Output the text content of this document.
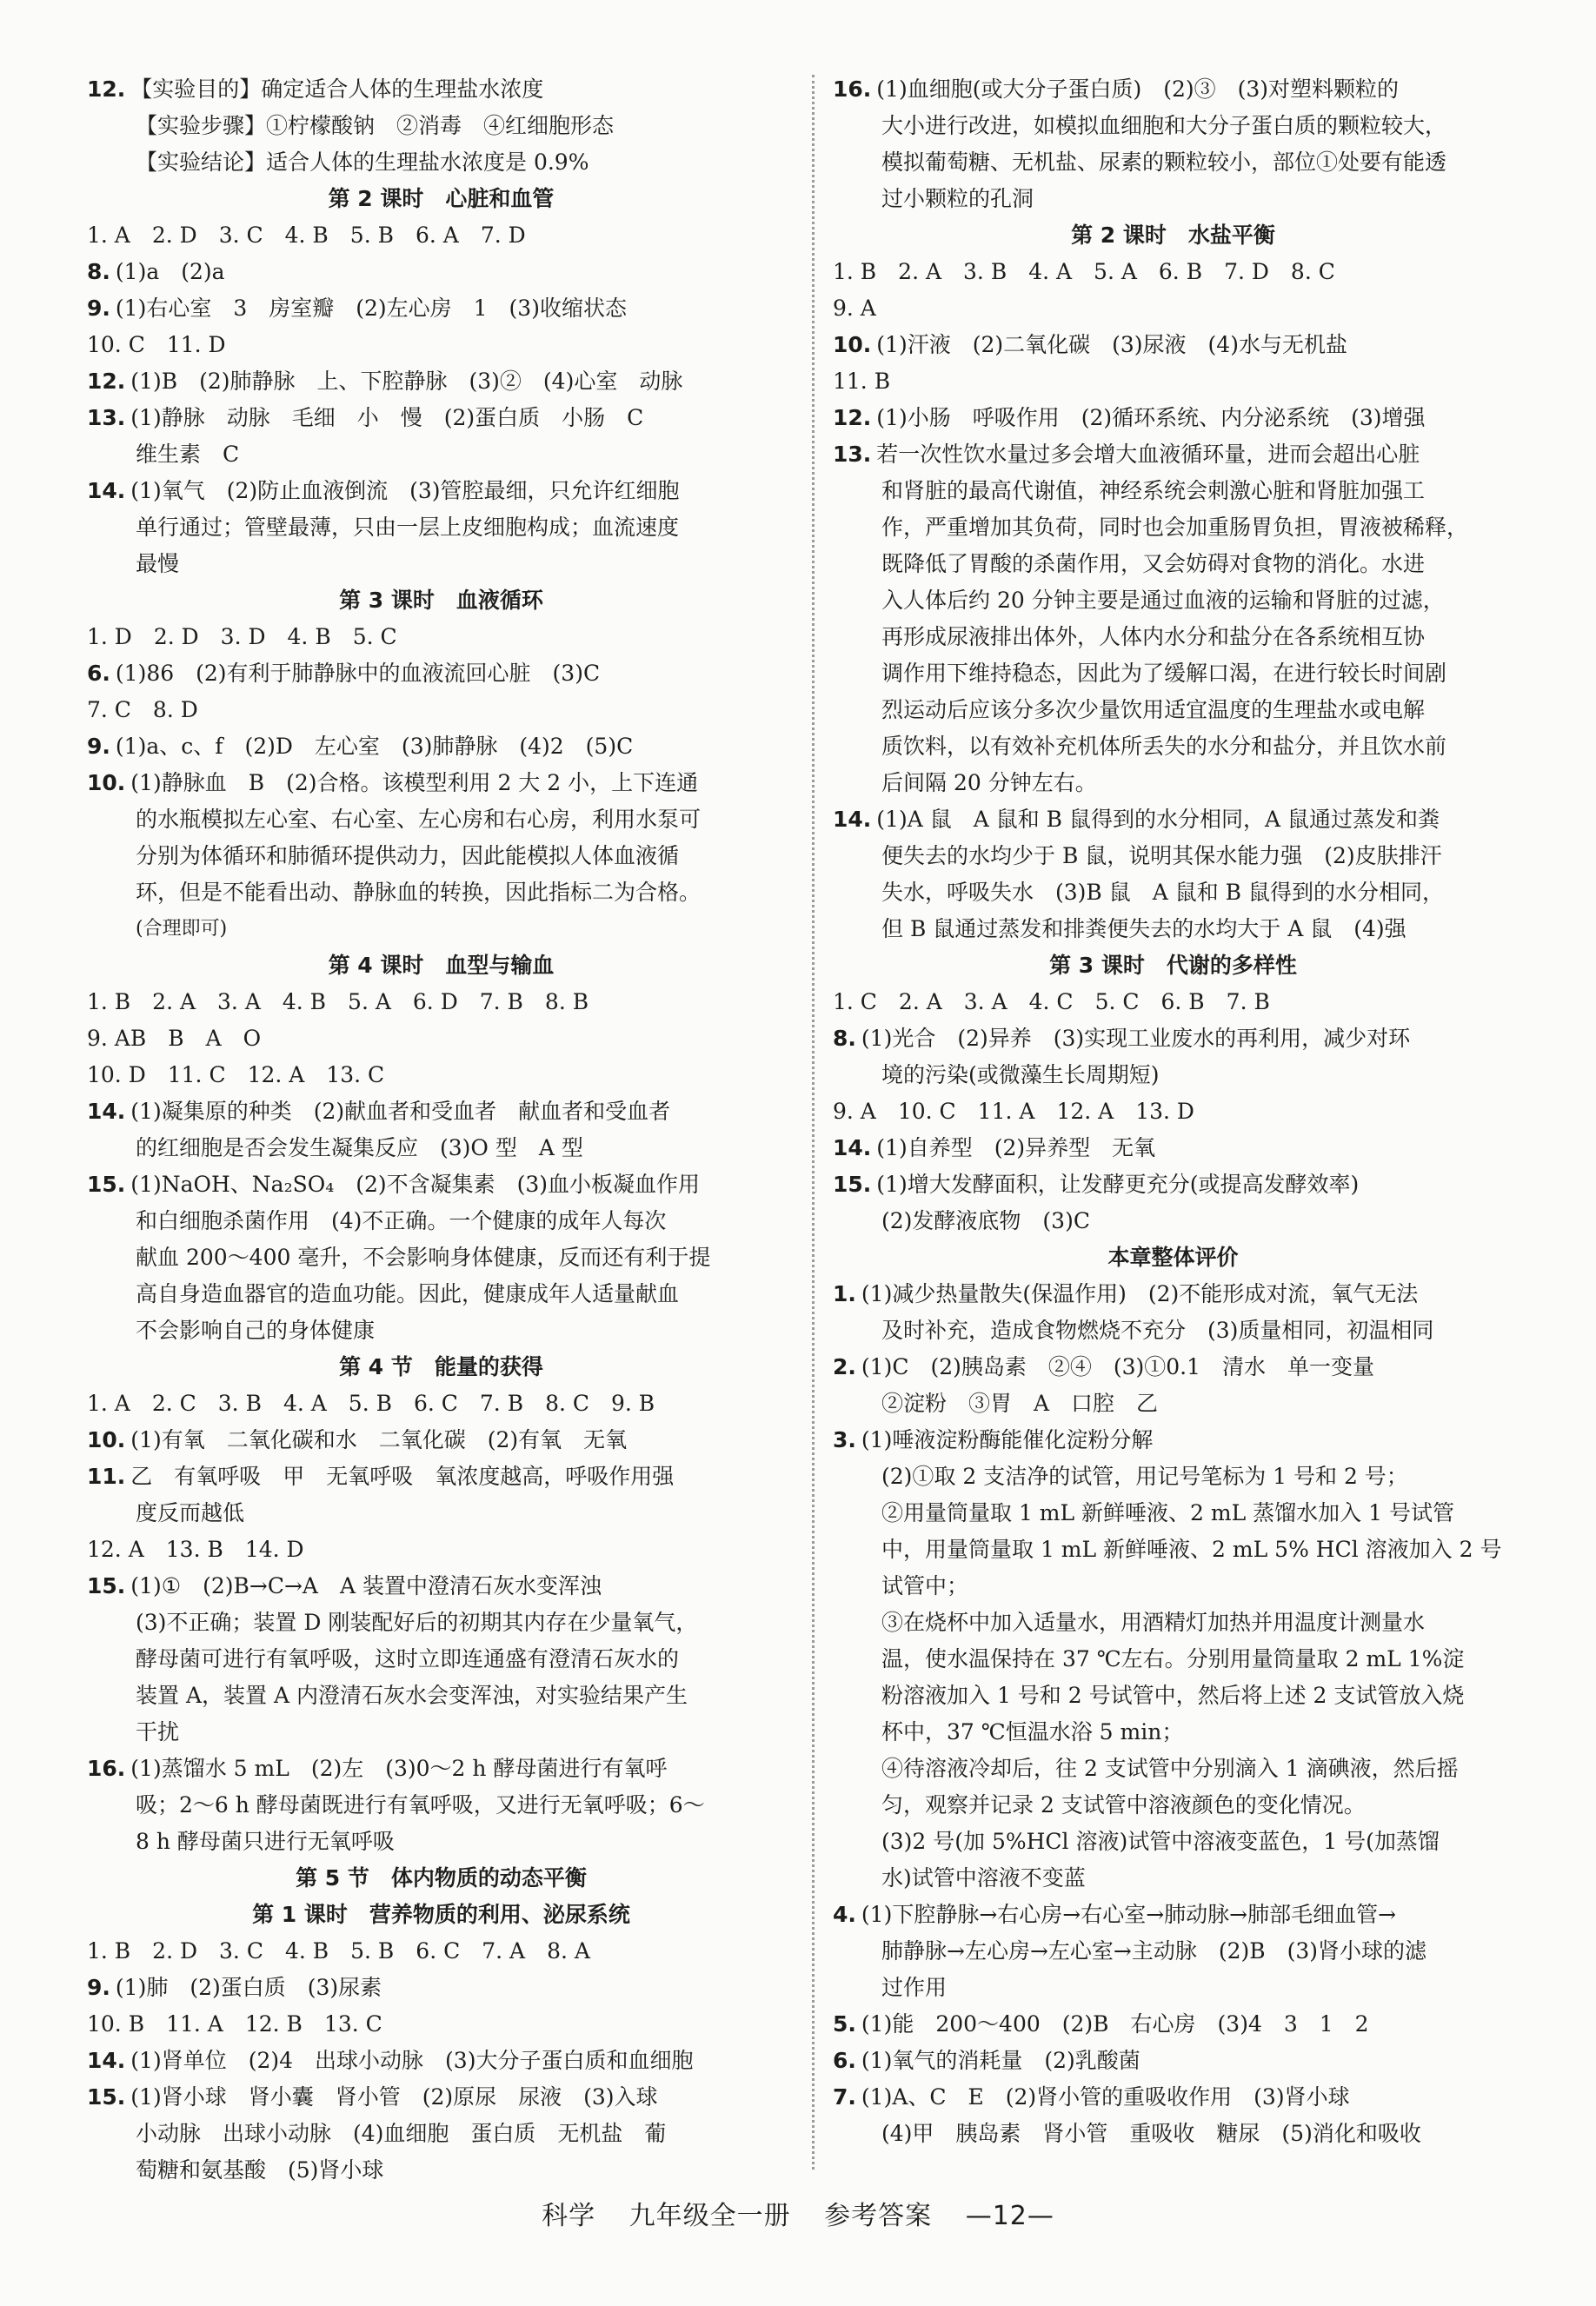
12. 【实验目的】确定适合人体的生理盐水浓度
【实验步骤】①柠檬酸钠　②消毒　④红细胞形态
【实验结论】适合人体的生理盐水浓度是 0.9%
第 2 课时　心脏和血管
1. A　2. D　3. C　4. B　5. B　6. A　7. D
8. (1)a　(2)a
9. (1)右心室　3　房室瓣　(2)左心房　1　(3)收缩状态
10. C　11. D
12. (1)B　(2)肺静脉　上、下腔静脉　(3)②　(4)心室　动脉
13. (1)静脉　动脉　毛细　小　慢　(2)蛋白质　小肠　C
维生素　C
14. (1)氧气　(2)防止血液倒流　(3)管腔最细，只允许红细胞
单行通过；管壁最薄，只由一层上皮细胞构成；血流速度
最慢
第 3 课时　血液循环
1. D　2. D　3. D　4. B　5. C
6. (1)86　(2)有利于肺静脉中的血液流回心脏　(3)C
7. C　8. D
9. (1)a、c、f　(2)D　左心室　(3)肺静脉　(4)2　(5)C
10. (1)静脉血　B　(2)合格。该模型利用 2 大 2 小，上下连通
的水瓶模拟左心室、右心室、左心房和右心房，利用水泵可
分别为体循环和肺循环提供动力，因此能模拟人体血液循
环，但是不能看出动、静脉血的转换，因此指标二为合格。
(合理即可)
第 4 课时　血型与输血
1. B　2. A　3. A　4. B　5. A　6. D　7. B　8. B
9. AB　B　A　O
10. D　11. C　12. A　13. C
14. (1)凝集原的种类　(2)献血者和受血者　献血者和受血者
的红细胞是否会发生凝集反应　(3)O 型　A 型
15. (1)NaOH、Na₂SO₄　(2)不含凝集素　(3)血小板凝血作用
和白细胞杀菌作用　(4)不正确。一个健康的成年人每次
献血 200～400 毫升，不会影响身体健康，反而还有利于提
高自身造血器官的造血功能。因此，健康成年人适量献血
不会影响自己的身体健康
第 4 节　能量的获得
1. A　2. C　3. B　4. A　5. B　6. C　7. B　8. C　9. B
10. (1)有氧　二氧化碳和水　二氧化碳　(2)有氧　无氧
11. 乙　有氧呼吸　甲　无氧呼吸　氧浓度越高，呼吸作用强
度反而越低
12. A　13. B　14. D
15. (1)①　(2)B→C→A　A 装置中澄清石灰水变浑浊
(3)不正确；装置 D 刚装配好后的初期其内存在少量氧气，
酵母菌可进行有氧呼吸，这时立即连通盛有澄清石灰水的
装置 A，装置 A 内澄清石灰水会变浑浊，对实验结果产生
干扰
16. (1)蒸馏水 5 mL　(2)左　(3)0～2 h 酵母菌进行有氧呼
吸；2～6 h 酵母菌既进行有氧呼吸，又进行无氧呼吸；6～
8 h 酵母菌只进行无氧呼吸
第 5 节　体内物质的动态平衡
第 1 课时　营养物质的利用、泌尿系统
1. B　2. D　3. C　4. B　5. B　6. C　7. A　8. A
9. (1)肺　(2)蛋白质　(3)尿素
10. B　11. A　12. B　13. C
14. (1)肾单位　(2)4　出球小动脉　(3)大分子蛋白质和血细胞
15. (1)肾小球　肾小囊　肾小管　(2)原尿　尿液　(3)入球
小动脉　出球小动脉　(4)血细胞　蛋白质　无机盐　葡
萄糖和氨基酸　(5)肾小球
16. (1)血细胞(或大分子蛋白质)　(2)③　(3)对塑料颗粒的
大小进行改进，如模拟血细胞和大分子蛋白质的颗粒较大，
模拟葡萄糖、无机盐、尿素的颗粒较小，部位①处要有能透
过小颗粒的孔洞
第 2 课时　水盐平衡
1. B　2. A　3. B　4. A　5. A　6. B　7. D　8. C
9. A
10. (1)汗液　(2)二氧化碳　(3)尿液　(4)水与无机盐
11. B
12. (1)小肠　呼吸作用　(2)循环系统、内分泌系统　(3)增强
13. 若一次性饮水量过多会增大血液循环量，进而会超出心脏
和肾脏的最高代谢值，神经系统会刺激心脏和肾脏加强工
作，严重增加其负荷，同时也会加重肠胃负担，胃液被稀释，
既降低了胃酸的杀菌作用，又会妨碍对食物的消化。水进
入人体后约 20 分钟主要是通过血液的运输和肾脏的过滤，
再形成尿液排出体外，人体内水分和盐分在各系统相互协
调作用下维持稳态，因此为了缓解口渴，在进行较长时间剧
烈运动后应该分多次少量饮用适宜温度的生理盐水或电解
质饮料，以有效补充机体所丢失的水分和盐分，并且饮水前
后间隔 20 分钟左右。
14. (1)A 鼠　A 鼠和 B 鼠得到的水分相同，A 鼠通过蒸发和粪
便失去的水均少于 B 鼠，说明其保水能力强　(2)皮肤排汗
失水，呼吸失水　(3)B 鼠　A 鼠和 B 鼠得到的水分相同，
但 B 鼠通过蒸发和排粪便失去的水均大于 A 鼠　(4)强
第 3 课时　代谢的多样性
1. C　2. A　3. A　4. C　5. C　6. B　7. B
8. (1)光合　(2)异养　(3)实现工业废水的再利用，减少对环
境的污染(或微藻生长周期短)
9. A　10. C　11. A　12. A　13. D
14. (1)自养型　(2)异养型　无氧
15. (1)增大发酵面积，让发酵更充分(或提高发酵效率)
(2)发酵液底物　(3)C
本章整体评价
1. (1)减少热量散失(保温作用)　(2)不能形成对流，氧气无法
及时补充，造成食物燃烧不充分　(3)质量相同，初温相同
2. (1)C　(2)胰岛素　②④　(3)①0.1　清水　单一变量
②淀粉　③胃　A　口腔　乙
3. (1)唾液淀粉酶能催化淀粉分解
(2)①取 2 支洁净的试管，用记号笔标为 1 号和 2 号；
②用量筒量取 1 mL 新鲜唾液、2 mL 蒸馏水加入 1 号试管
中，用量筒量取 1 mL 新鲜唾液、2 mL 5% HCl 溶液加入 2 号
试管中；
③在烧杯中加入适量水，用酒精灯加热并用温度计测量水
温，使水温保持在 37 ℃左右。分别用量筒量取 2 mL 1%淀
粉溶液加入 1 号和 2 号试管中，然后将上述 2 支试管放入烧
杯中，37 ℃恒温水浴 5 min；
④待溶液冷却后，往 2 支试管中分别滴入 1 滴碘液，然后摇
匀，观察并记录 2 支试管中溶液颜色的变化情况。
(3)2 号(加 5%HCl 溶液)试管中溶液变蓝色，1 号(加蒸馏
水)试管中溶液不变蓝
4. (1)下腔静脉→右心房→右心室→肺动脉→肺部毛细血管→
肺静脉→左心房→左心室→主动脉　(2)B　(3)肾小球的滤
过作用
5. (1)能　200～400　(2)B　右心房　(3)4　3　1　2
6. (1)氧气的消耗量　(2)乳酸菌
7. (1)A、C　E　(2)肾小管的重吸收作用　(3)肾小球
(4)甲　胰岛素　肾小管　重吸收　糖尿　(5)消化和吸收
科学 九年级全一册 参考答案 —12—
